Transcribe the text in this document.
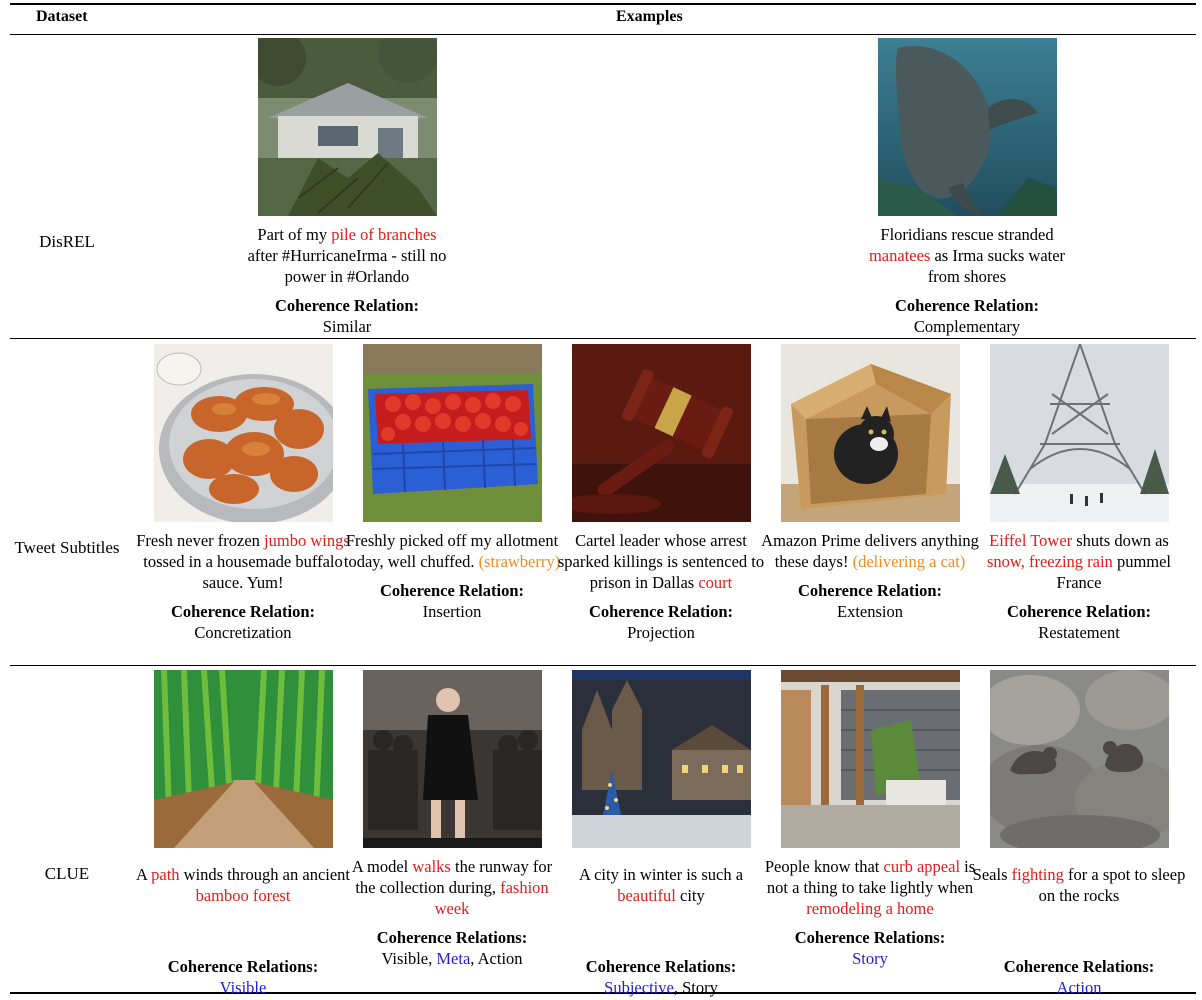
Dataset	Examples
DisREL
Tweet Subtitles
CLUE
Part of my pile of branches after #HurricaneIrma - still no power in #Orlando
Coherence Relation:
Similar
Floridians rescue stranded manatees as Irma sucks water from shores
Coherence Relation:
Complementary
Fresh never frozen jumbo wings tossed in a housemade buffalo sauce. Yum!
Coherence Relation:
Concretization
Freshly picked off my allotment today, well chuffed. (strawberry)
Coherence Relation:
Insertion
Cartel leader whose arrest sparked killings is sentenced to prison in Dallas court
Coherence Relation:
Projection
Amazon Prime delivers anything these days! (delivering a cat)
Coherence Relation:
Extension
Eiffel Tower shuts down as snow, freezing rain pummel France
Coherence Relation:
Restatement
A path winds through an ancient bamboo forest
Coherence Relations:
Visible
A model walks the runway for the collection during, fashion week
Coherence Relations:
Visible, Meta, Action
A city in winter is such a beautiful city
Coherence Relations:
Subjective, Story
People know that curb appeal is not a thing to take lightly when remodeling a home
Coherence Relations:
Story
Seals fighting for a spot to sleep on the rocks
Coherence Relations:
Action
